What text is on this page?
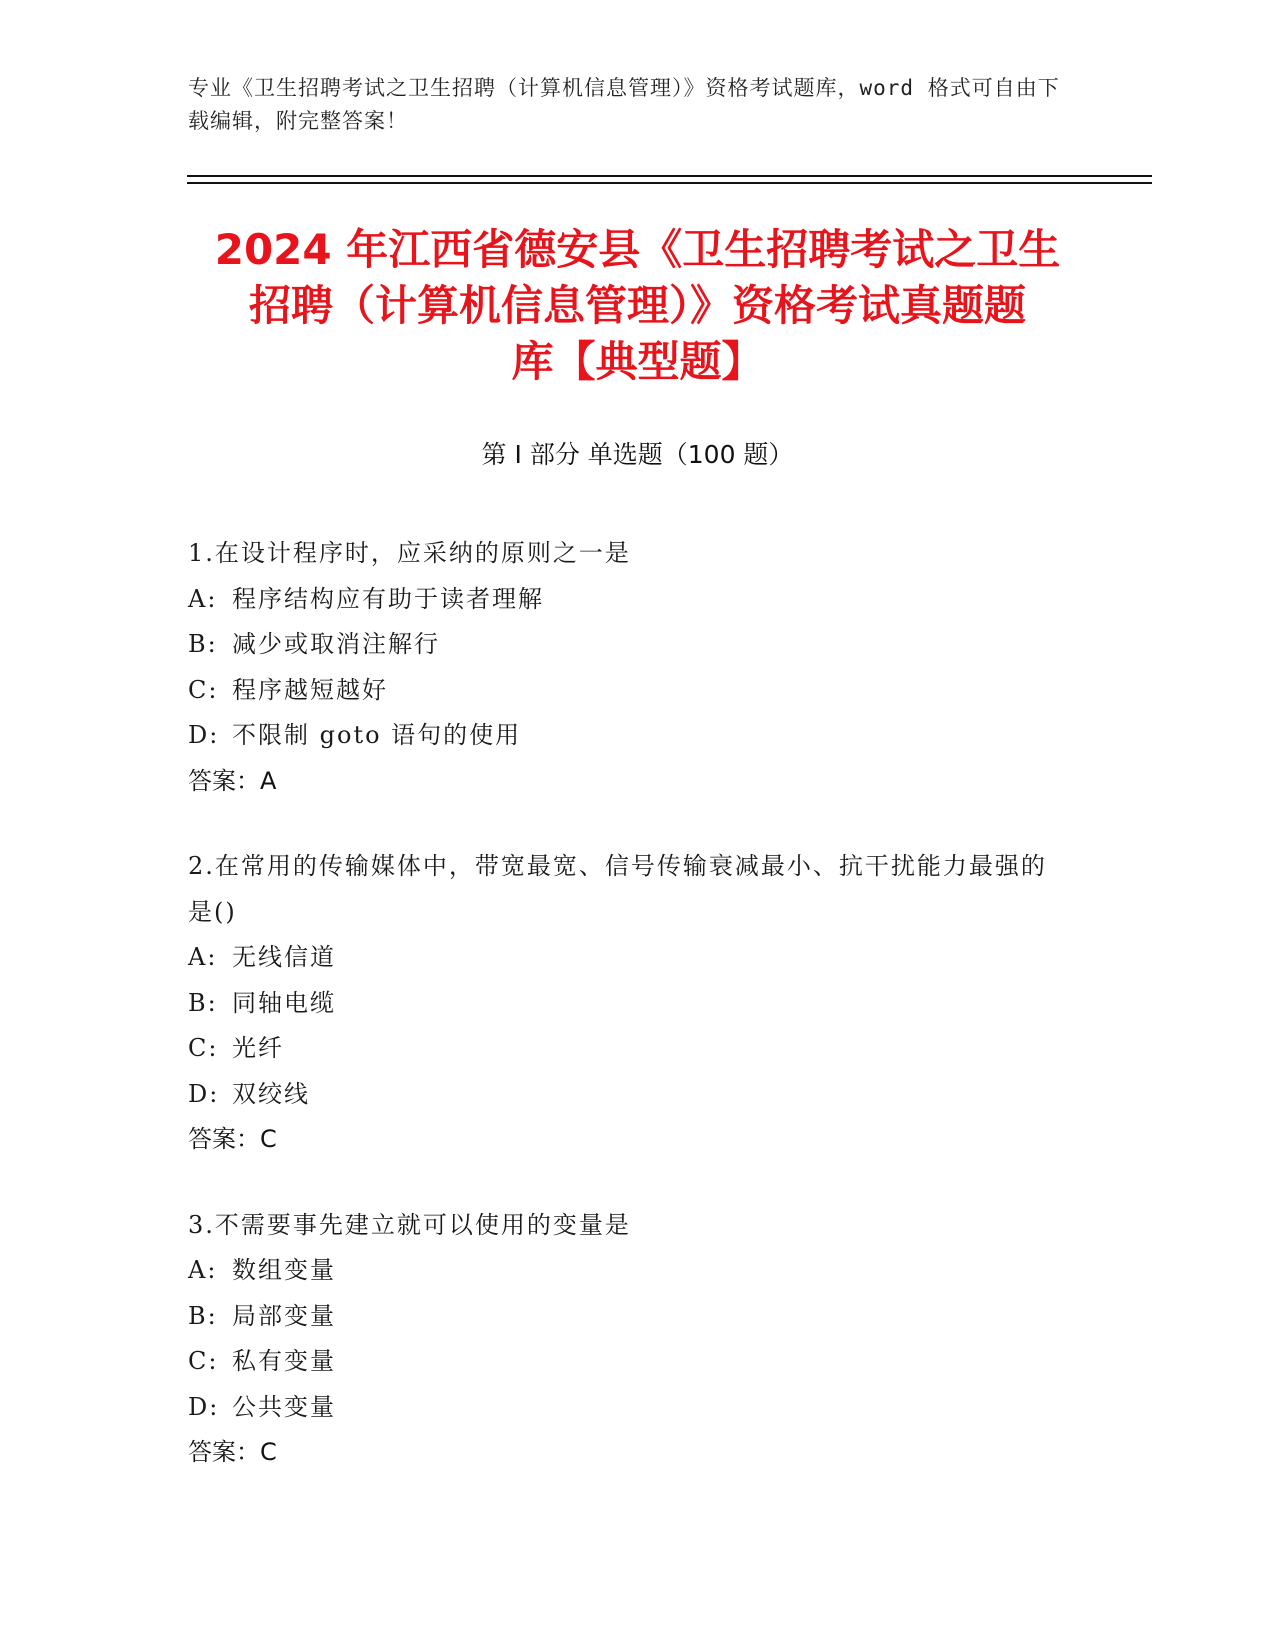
专业《卫生招聘考试之卫生招聘（计算机信息管理）》资格考试题库，word 格式可自由下载编辑，附完整答案！
2024 年江西省德安县《卫生招聘考试之卫生
招聘（计算机信息管理）》资格考试真题题
库【典型题】
第 I 部分 单选题（100 题）
1.在设计程序时，应采纳的原则之一是
A: 程序结构应有助于读者理解
B: 减少或取消注解行
C: 程序越短越好
D: 不限制 goto 语句的使用
答案：A
2.在常用的传输媒体中，带宽最宽、信号传输衰减最小、抗干扰能力最强的是()
A: 无线信道
B: 同轴电缆
C: 光纤
D: 双绞线
答案：C
3.不需要事先建立就可以使用的变量是
A: 数组变量
B: 局部变量
C: 私有变量
D: 公共变量
答案：C
